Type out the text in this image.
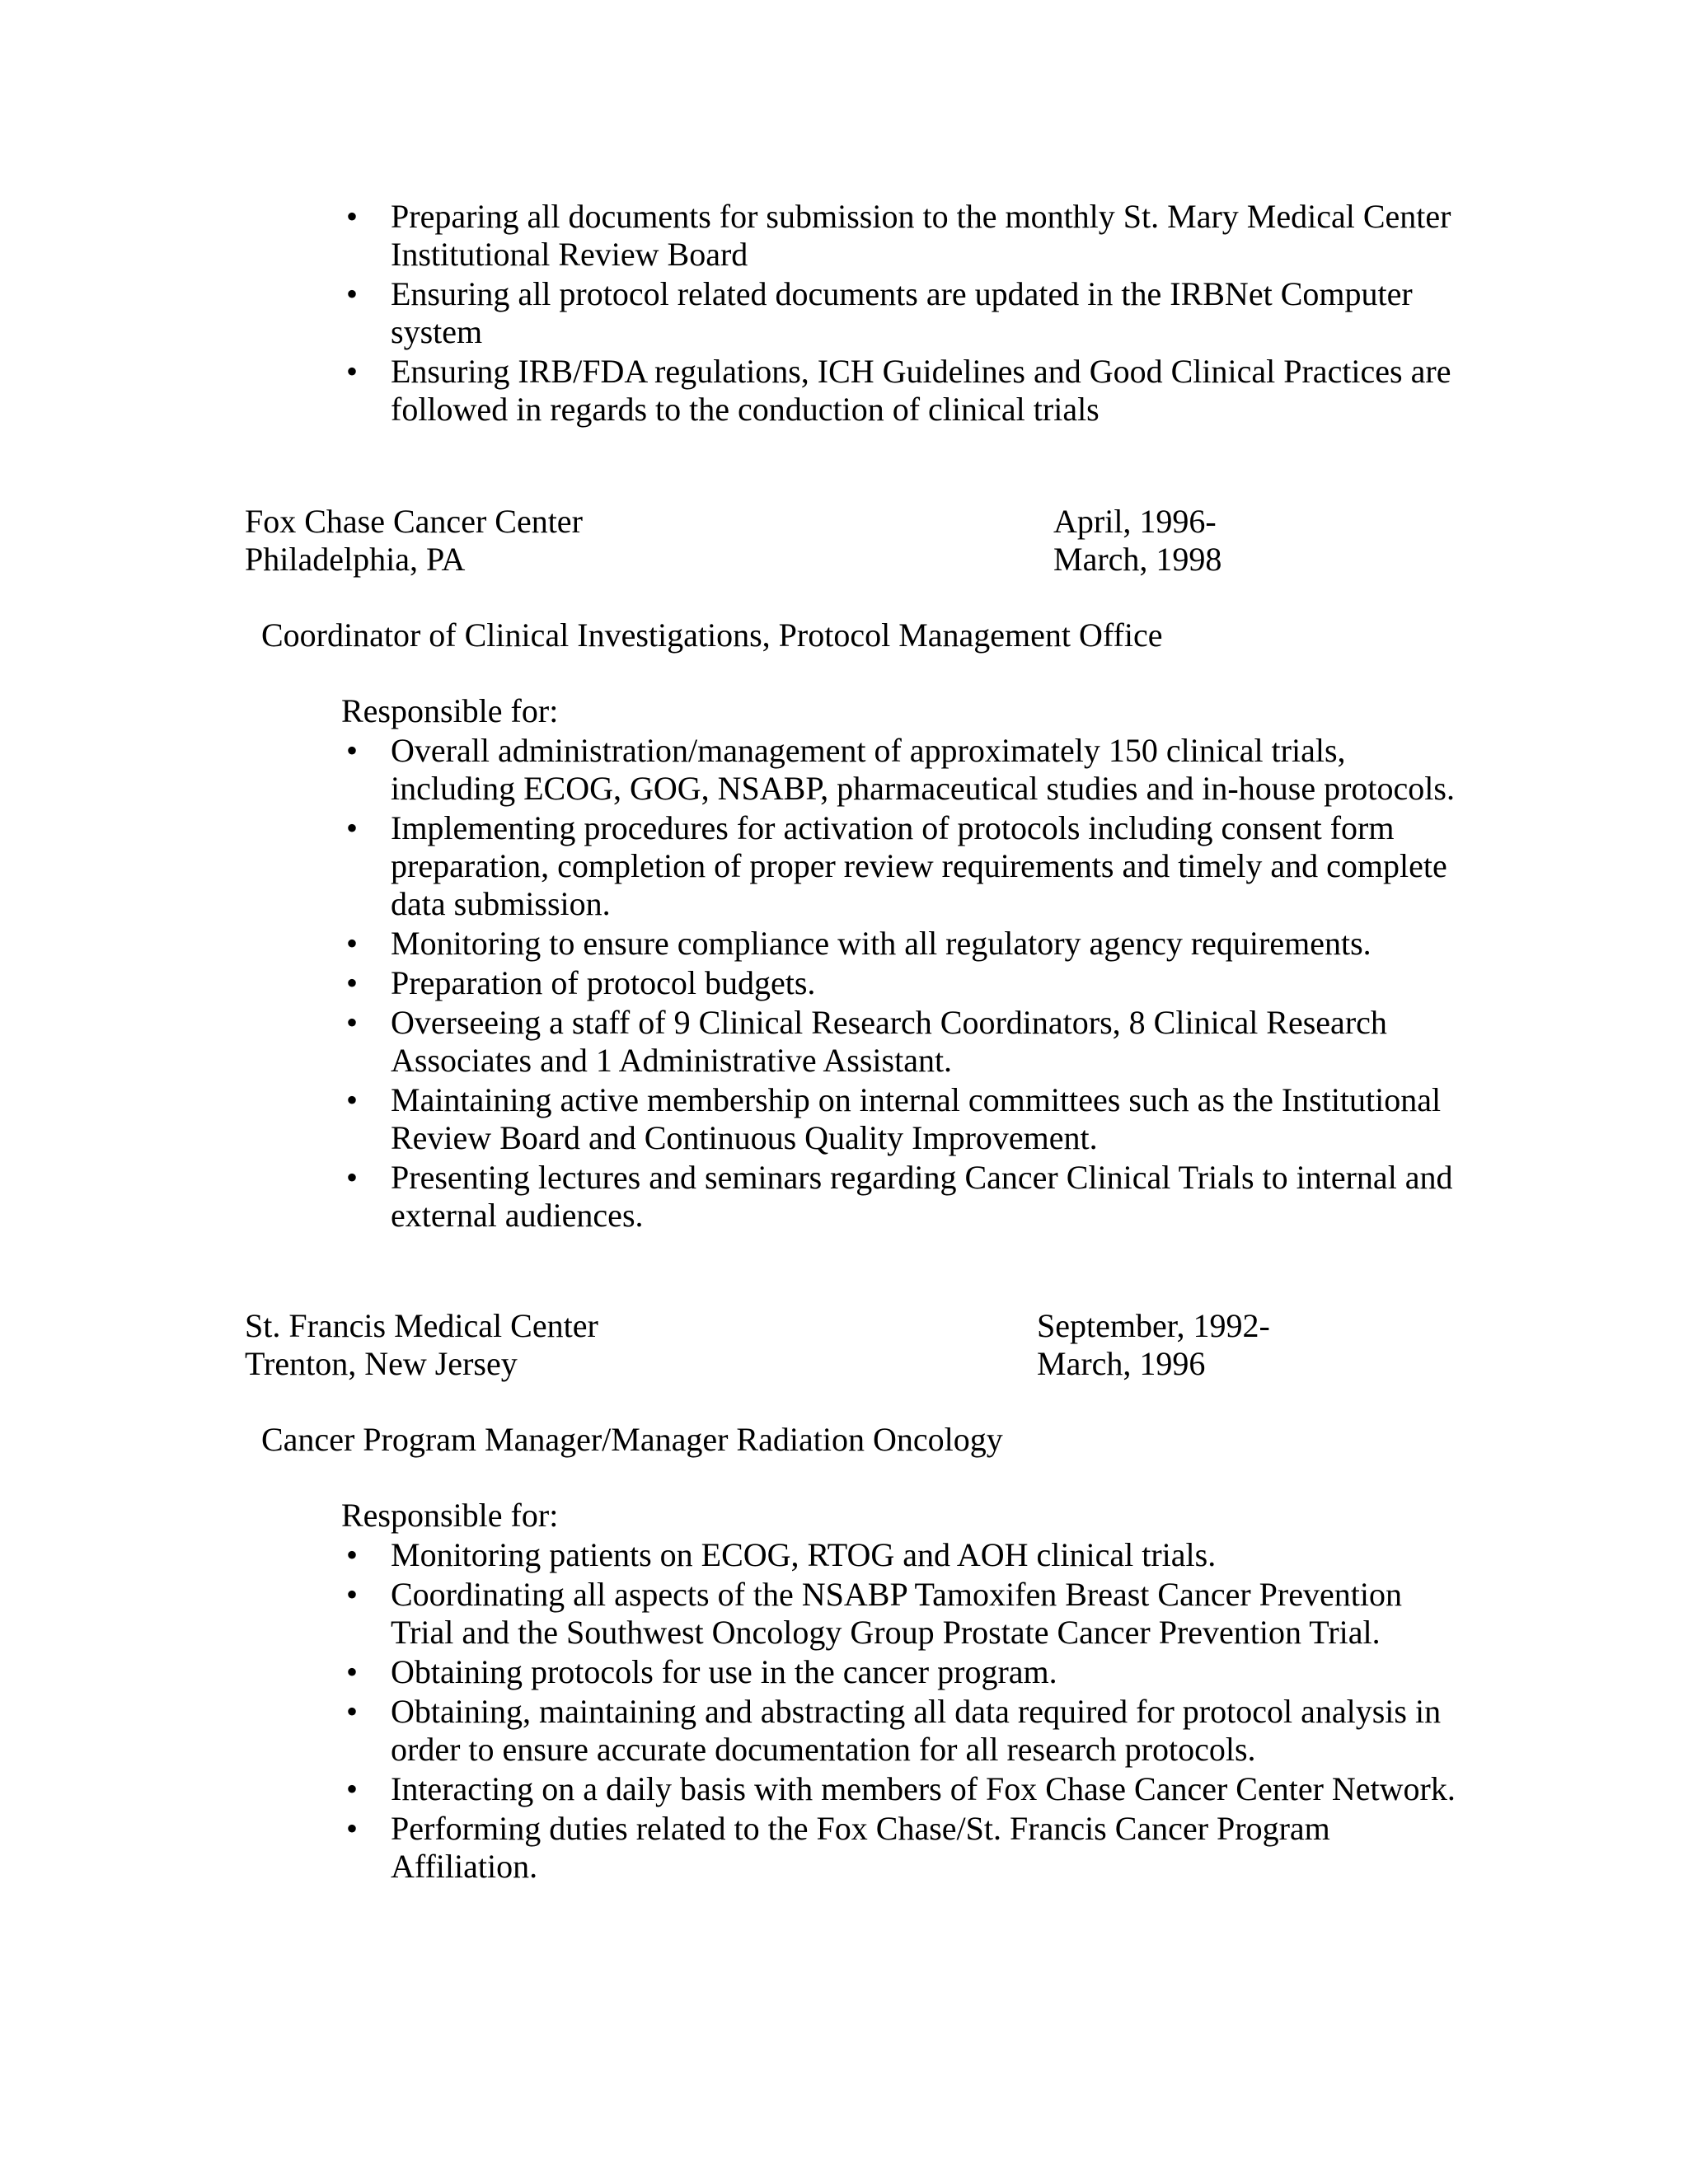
• Preparing all documents for submission to the monthly St. Mary Medical Center Institutional Review Board
• Ensuring all protocol related documents are updated in the IRBNet Computer system
• Ensuring IRB/FDA regulations, ICH Guidelines and Good Clinical Practices are followed in regards to the conduction of clinical trials
Fox Chase Cancer Center
Philadelphia, PA
April, 1996-
March, 1998
Coordinator of Clinical Investigations, Protocol Management Office
Responsible for:
• Overall administration/management of approximately 150 clinical trials, including ECOG, GOG, NSABP, pharmaceutical studies and in-house protocols.
• Implementing procedures for activation of protocols including consent form preparation, completion of proper review requirements and timely and complete data submission.
• Monitoring to ensure compliance with all regulatory agency requirements.
• Preparation of protocol budgets.
• Overseeing a staff of 9 Clinical Research Coordinators, 8 Clinical Research Associates and 1 Administrative Assistant.
• Maintaining active membership on internal committees such as the Institutional Review Board and Continuous Quality Improvement.
• Presenting lectures and seminars regarding Cancer Clinical Trials to internal and external audiences.
St. Francis Medical Center
Trenton, New Jersey
September, 1992-
March, 1996
Cancer Program Manager/Manager Radiation Oncology
Responsible for:
• Monitoring patients on ECOG, RTOG and AOH clinical trials.
• Coordinating all aspects of the NSABP Tamoxifen Breast Cancer Prevention Trial and the Southwest Oncology Group Prostate Cancer Prevention Trial.
• Obtaining protocols for use in the cancer program.
• Obtaining, maintaining and abstracting all data required for protocol analysis in order to ensure accurate documentation for all research protocols.
• Interacting on a daily basis with members of Fox Chase Cancer Center Network.
• Performing duties related to the Fox Chase/St. Francis Cancer Program Affiliation.
